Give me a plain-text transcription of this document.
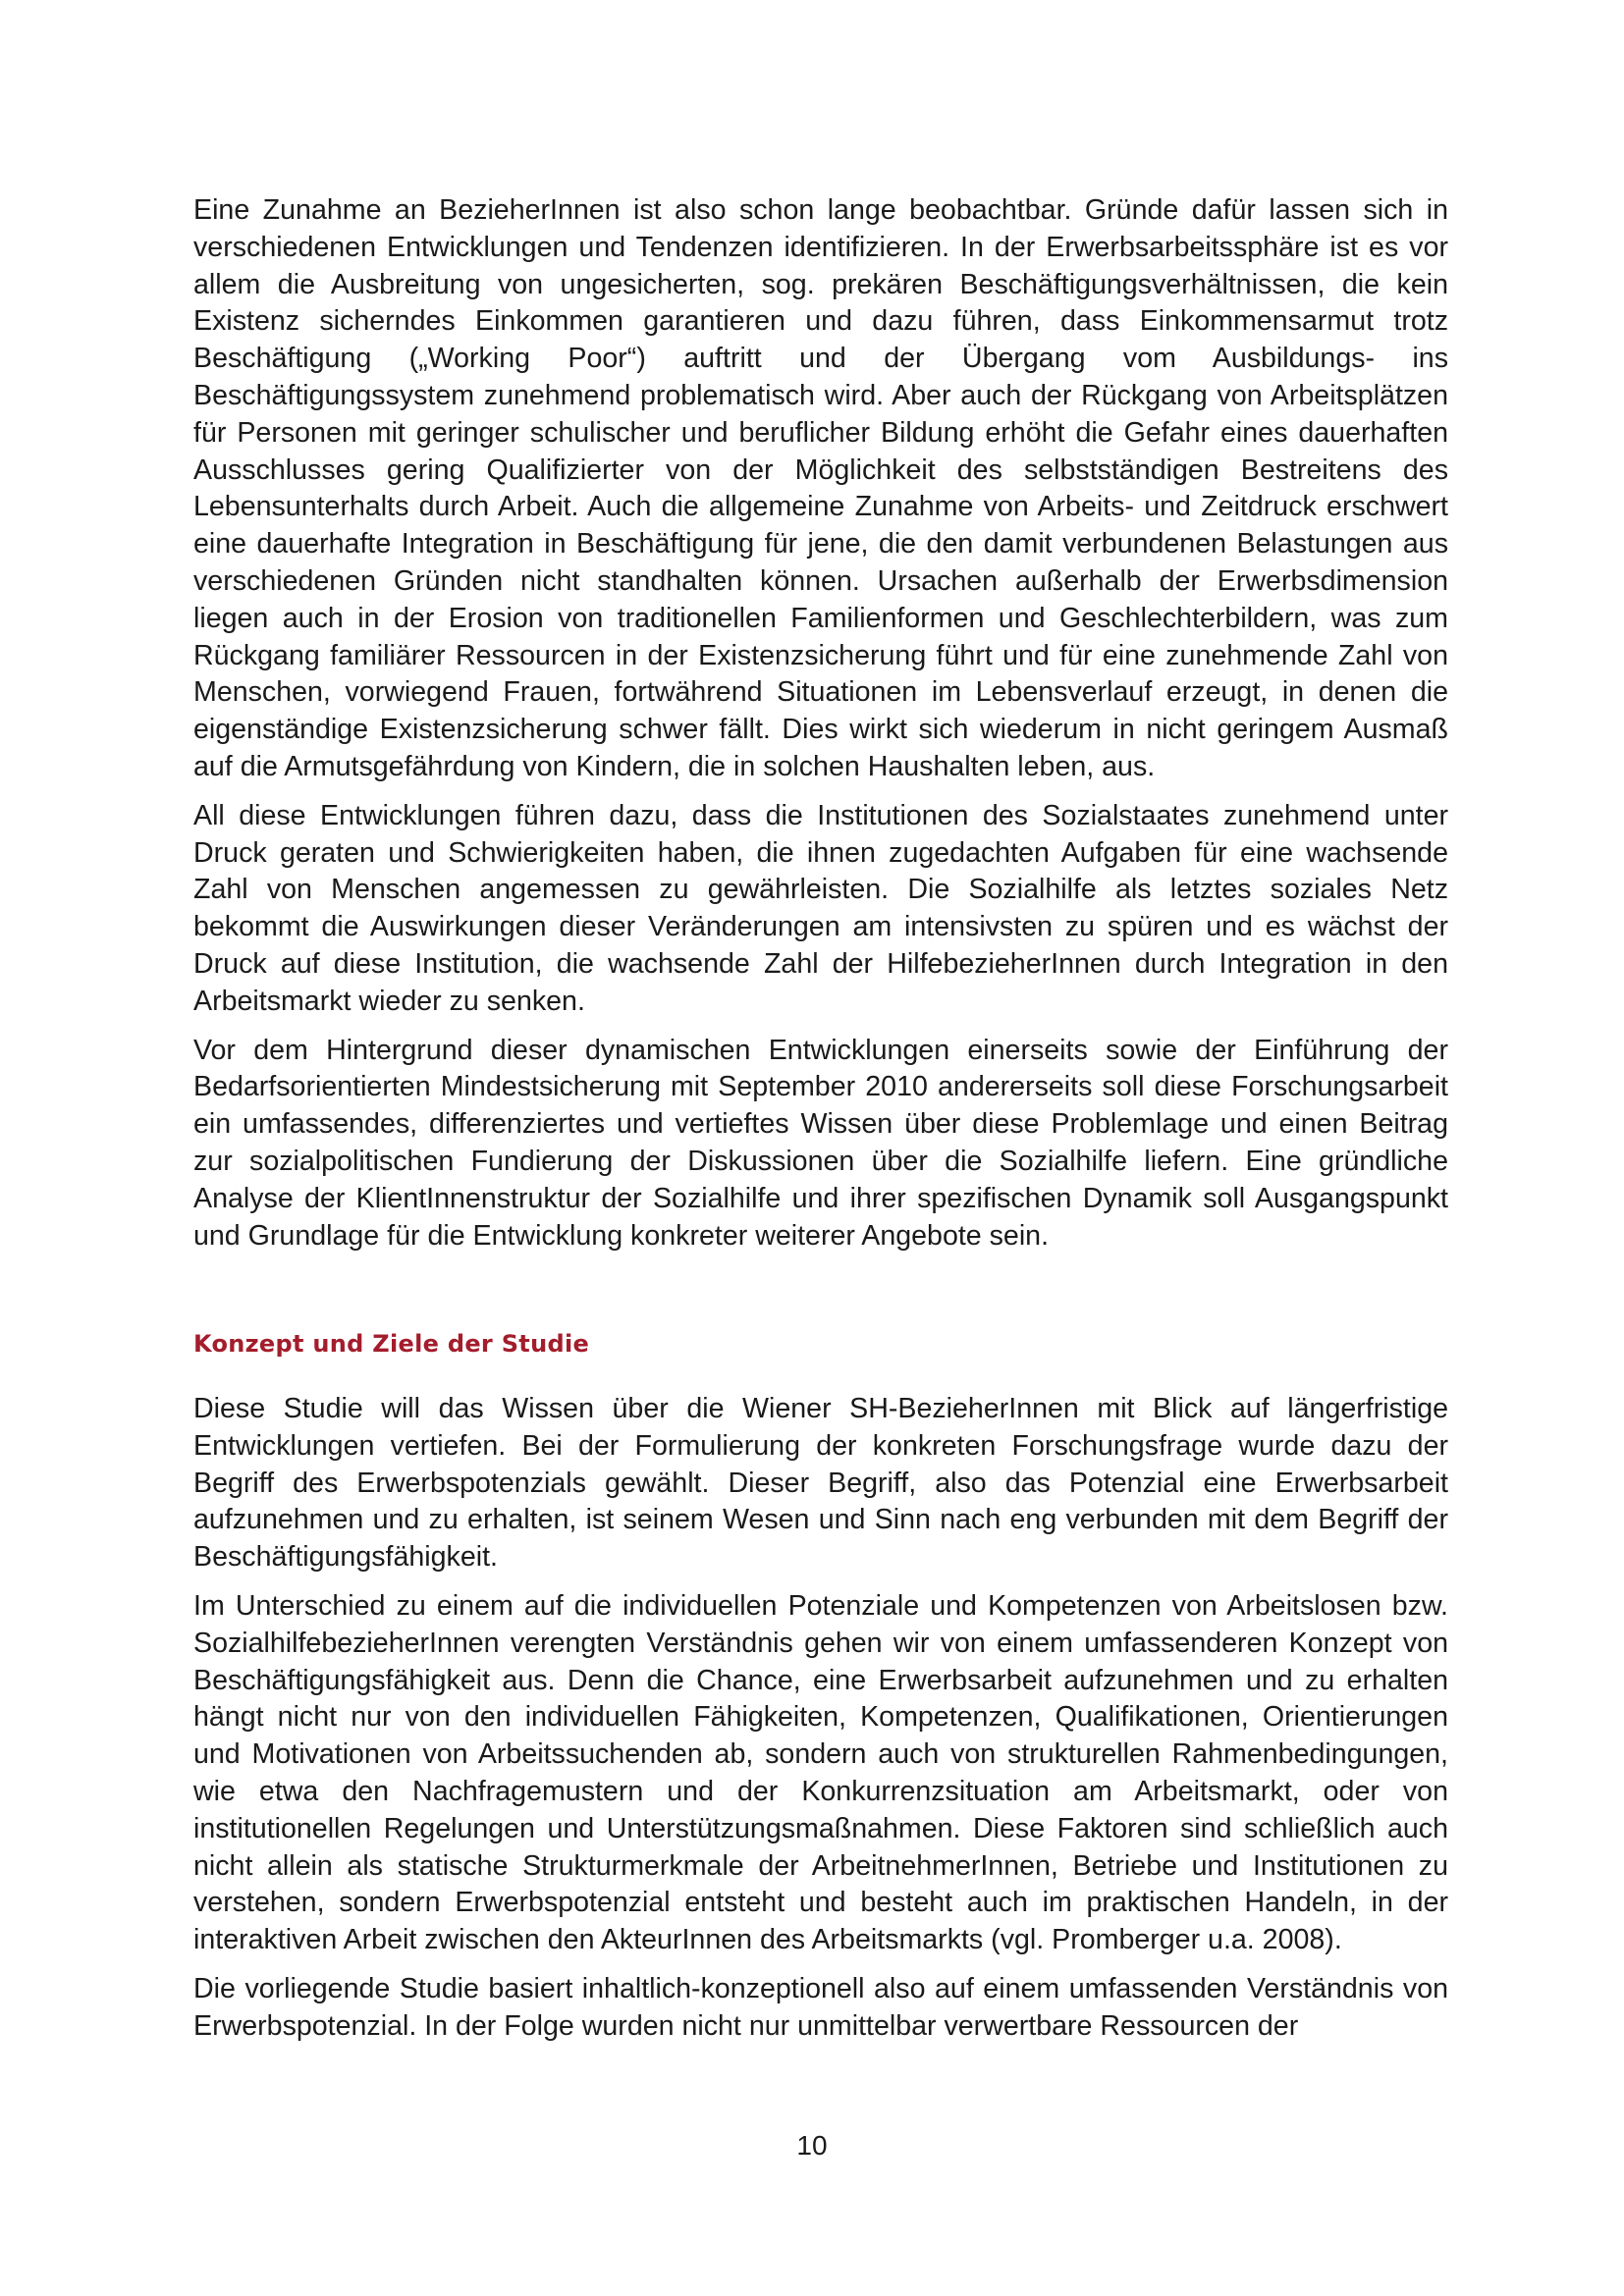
Eine Zunahme an BezieherInnen ist also schon lange beobachtbar. Gründe dafür lassen sich in verschiedenen Entwicklungen und Tendenzen identifizieren. In der Erwerbsarbeitssphäre ist es vor allem die Ausbreitung von ungesicherten, sog. prekären Beschäftigungsverhältnissen, die kein Existenz sicherndes Einkommen garantieren und dazu führen, dass Einkommensarmut trotz Beschäftigung („Working Poor“) auftritt und der Übergang vom Ausbildungs- ins Beschäftigungssystem zunehmend problematisch wird. Aber auch der Rückgang von Arbeitsplätzen für Personen mit geringer schulischer und beruflicher Bildung erhöht die Gefahr eines dauerhaften Ausschlusses gering Qualifizierter von der Möglichkeit des selbstständigen Bestreitens des Lebensunterhalts durch Arbeit. Auch die allgemeine Zunahme von Arbeits- und Zeitdruck erschwert eine dauerhafte Integration in Beschäftigung für jene, die den damit verbundenen Belastungen aus verschiedenen Gründen nicht standhalten können. Ursachen außerhalb der Erwerbsdimension liegen auch in der Erosion von traditionellen Familienformen und Geschlechterbildern, was zum Rückgang familiärer Ressourcen in der Existenzsicherung führt und für eine zunehmende Zahl von Menschen, vorwiegend Frauen, fortwährend Situationen im Lebensverlauf erzeugt, in denen die eigenständige Existenzsicherung schwer fällt. Dies wirkt sich wiederum in nicht geringem Ausmaß auf die Armutsgefährdung von Kindern, die in solchen Haushalten leben, aus.

All diese Entwicklungen führen dazu, dass die Institutionen des Sozialstaates zunehmend unter Druck geraten und Schwierigkeiten haben, die ihnen zugedachten Aufgaben für eine wachsende Zahl von Menschen angemessen zu gewährleisten. Die Sozialhilfe als letztes soziales Netz bekommt die Auswirkungen dieser Veränderungen am intensivsten zu spüren und es wächst der Druck auf diese Institution, die wachsende Zahl der HilfebezieherInnen durch Integration in den Arbeitsmarkt wieder zu senken.

Vor dem Hintergrund dieser dynamischen Entwicklungen einerseits sowie der Einführung der Bedarfsorientierten Mindestsicherung mit September 2010 andererseits soll diese Forschungsarbeit ein umfassendes, differenziertes und vertieftes Wissen über diese Problemlage und einen Beitrag zur sozialpolitischen Fundierung der Diskussionen über die Sozialhilfe liefern. Eine gründliche Analyse der KlientInnenstruktur der Sozialhilfe und ihrer spezifischen Dynamik soll Ausgangspunkt und Grundlage für die Entwicklung konkreter weiterer Angebote sein.

Konzept und Ziele der Studie

Diese Studie will das Wissen über die Wiener SH-BezieherInnen mit Blick auf längerfristige Entwicklungen vertiefen. Bei der Formulierung der konkreten Forschungsfrage wurde dazu der Begriff des Erwerbspotenzials gewählt. Dieser Begriff, also das Potenzial eine Erwerbsarbeit aufzunehmen und zu erhalten, ist seinem Wesen und Sinn nach eng verbunden mit dem Begriff der Beschäftigungsfähigkeit.

Im Unterschied zu einem auf die individuellen Potenziale und Kompetenzen von Arbeitslosen bzw. SozialhilfebezieherInnen verengten Verständnis gehen wir von einem umfassenderen Konzept von Beschäftigungsfähigkeit aus. Denn die Chance, eine Erwerbsarbeit aufzunehmen und zu erhalten hängt nicht nur von den individuellen Fähigkeiten, Kompetenzen, Qualifikationen, Orientierungen und Motivationen von Arbeitssuchenden ab, sondern auch von strukturellen Rahmenbedingungen, wie etwa den Nachfragemustern und der Konkurrenzsituation am Arbeitsmarkt, oder von institutionellen Regelungen und Unterstützungsmaßnahmen. Diese Faktoren sind schließlich auch nicht allein als statische Strukturmerkmale der ArbeitnehmerInnen, Betriebe und Institutionen zu verstehen, sondern Erwerbspotenzial entsteht und besteht auch im praktischen Handeln, in der interaktiven Arbeit zwischen den AkteurInnen des Arbeitsmarkts (vgl. Promberger u.a. 2008).

Die vorliegende Studie basiert inhaltlich-konzeptionell also auf einem umfassenden Verständnis von Erwerbspotenzial. In der Folge wurden nicht nur unmittelbar verwertbare Ressourcen der

10
